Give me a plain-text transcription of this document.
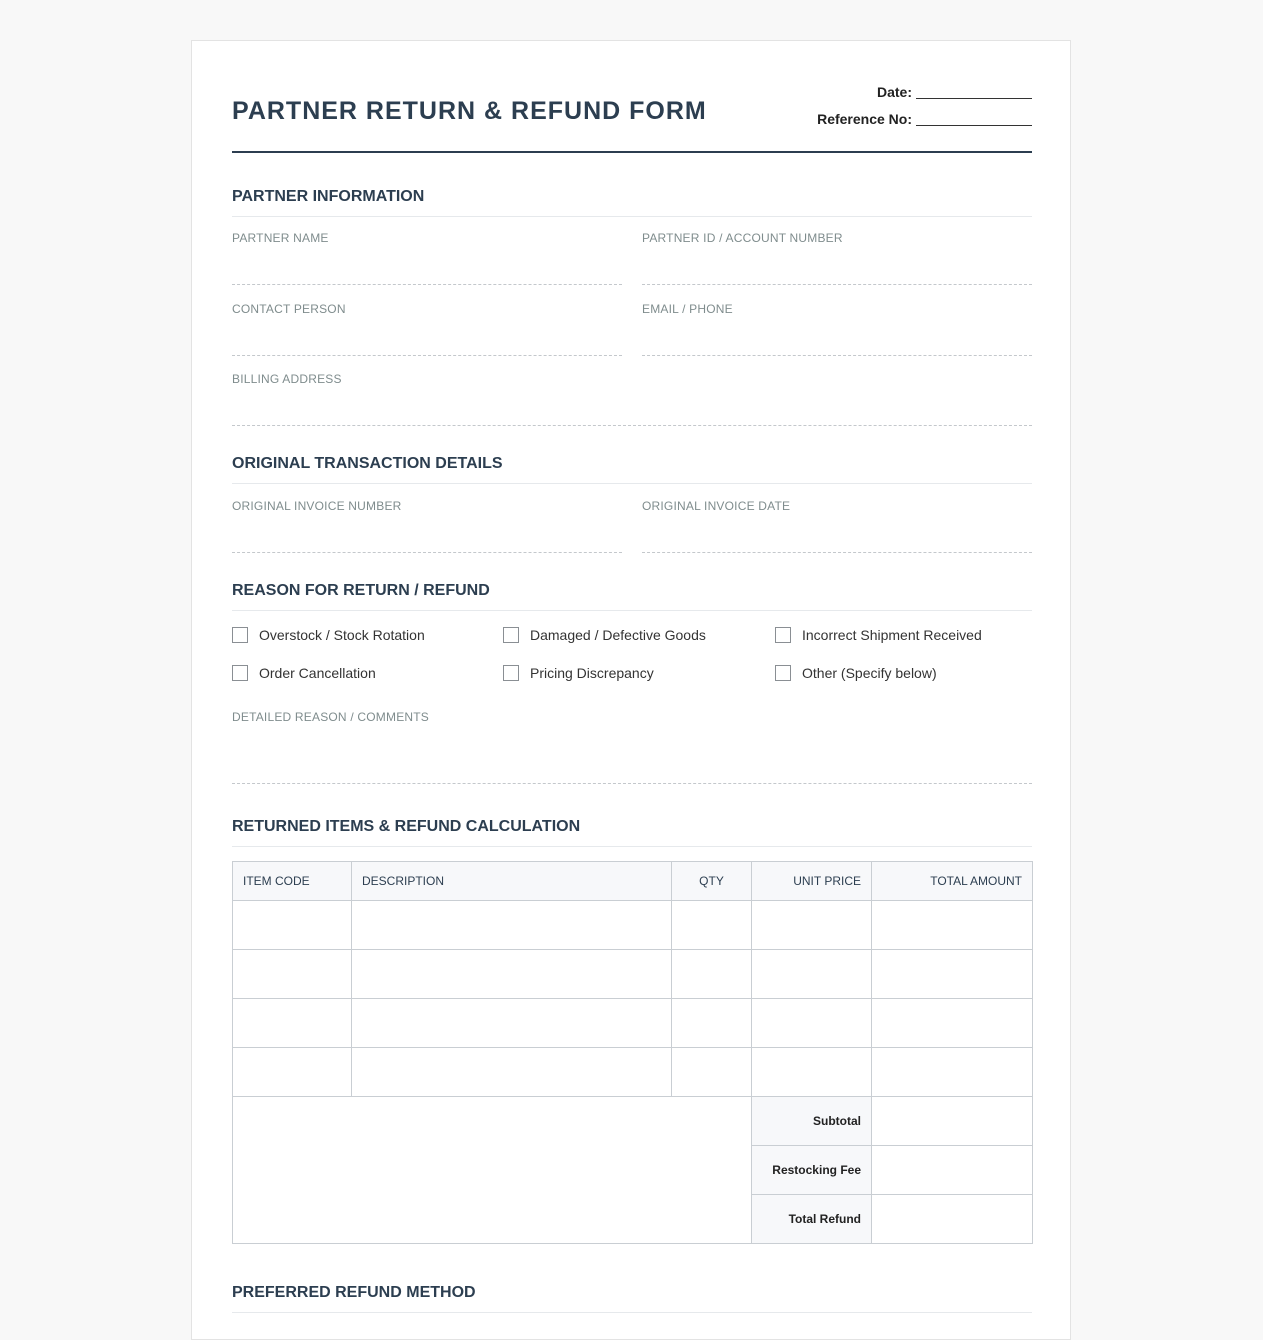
PARTNER RETURN & REFUND FORM
Date:
Reference No:
PARTNER INFORMATION
PARTNER NAME	PARTNER ID / ACCOUNT NUMBER
CONTACT PERSON	EMAIL / PHONE
BILLING ADDRESS
ORIGINAL TRANSACTION DETAILS
ORIGINAL INVOICE NUMBER	ORIGINAL INVOICE DATE
REASON FOR RETURN / REFUND
Overstock / Stock Rotation	Damaged / Defective Goods	Incorrect Shipment Received
Order Cancellation	Pricing Discrepancy	Other (Specify below)
DETAILED REASON / COMMENTS
RETURNED ITEMS & REFUND CALCULATION
ITEM CODE	DESCRIPTION	QTY	UNIT PRICE	TOTAL AMOUNT

			Subtotal	
			Restocking Fee	
			Total Refund	
PREFERRED REFUND METHOD
